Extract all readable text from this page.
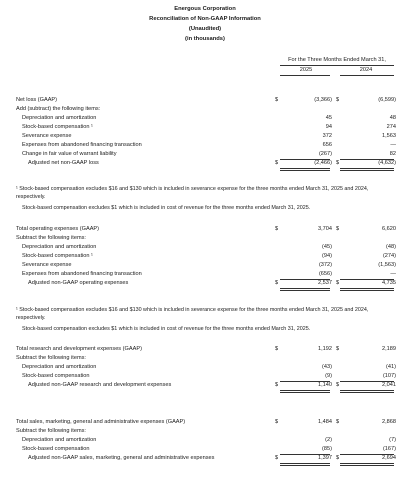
Energous Corporation
Reconciliation of Non-GAAP Information
(Unaudited)
(in thousands)
For the Three Months Ended March 31,
2025	2024
Net loss (GAAP)	$	(3,366) $	(6,599)
Add (subtract) the following items:
Depreciation and amortization	45	48
Stock-based compensation ¹	94	274
Severance expense	372	1,563
Expenses from abandoned financing transaction	656	—
Change in fair value of warrant liability	(267)	82
Adjusted net non-GAAP loss	$	(2,466) $	(4,632)
¹ Stock-based compensation excludes $16 and $130 which is included in severance expense for the three months ended March 31, 2025 and 2024, respectively.
Stock-based compensation excludes $1 which is included in cost of revenue for the three months ended March 31, 2025.
Total operating expenses (GAAP)	$	3,704 $	6,620
Subtract the following items:
Depreciation and amortization	(45)	(48)
Stock-based compensation ¹	(94)	(274)
Severance expense	(372)	(1,563)
Expenses from abandoned financing transaction	(656)	—
Adjusted non-GAAP operating expenses	$	2,537 $	4,735
¹ Stock-based compensation excludes $16 and $130 which is included in severance expense for the three months ended March 31, 2025 and 2024, respectively.
Stock-based compensation excludes $1 which is included in cost of revenue for the three months ended March 31, 2025.
Total research and development expenses (GAAP)	$	1,192 $	2,189
Subtract the following items:
Depreciation and amortization	(43)	(41)
Stock-based compensation	(9)	(107)
Adjusted non-GAAP research and development expenses	$	1,140 $	2,041
Total sales, marketing, general and administrative expenses (GAAP)	$	1,484 $	2,868
Subtract the following items:
Depreciation and amortization	(2)	(7)
Stock-based compensation	(85)	(167)
Adjusted non-GAAP sales, marketing, general and administrative expenses	$	1,397 $	2,694
